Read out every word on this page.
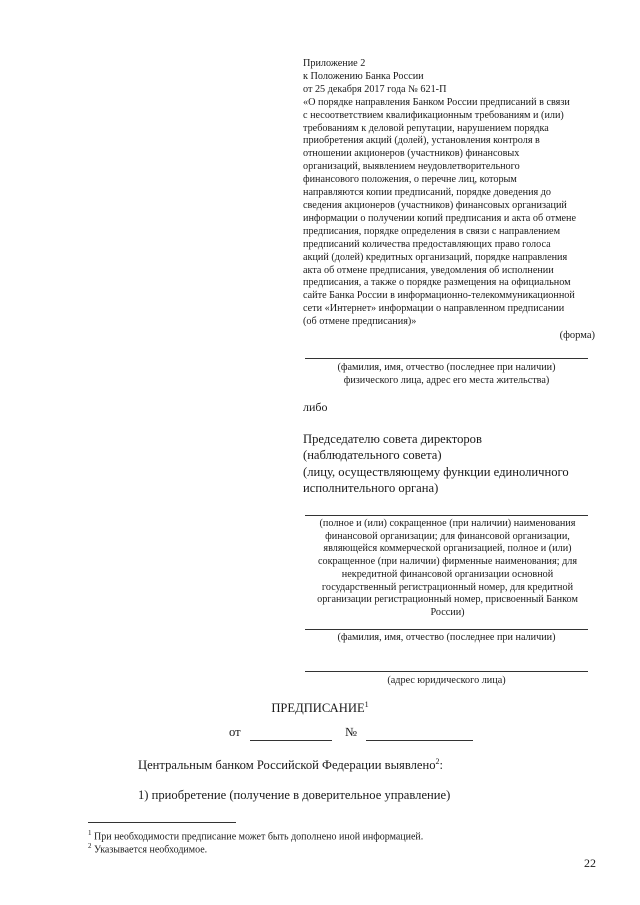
Приложение 2
к Положению Банка России
от 25 декабря 2017 года № 621-П
«О порядке направления Банком России предписаний в связи
с несоответствием квалификационным требованиям и (или)
требованиям к деловой репутации, нарушением порядка
приобретения акций (долей), установления контроля в
отношении акционеров (участников) финансовых
организаций, выявлением неудовлетворительного
финансового положения, о перечне лиц, которым
направляются копии предписаний, порядке доведения до
сведения акционеров (участников) финансовых организаций
информации о получении копий предписания и акта об отмене
предписания, порядке определения в связи с направлением
предписаний количества предоставляющих право голоса
акций (долей) кредитных организаций, порядке направления
акта об отмене предписания, уведомления об исполнении
предписания, а также о порядке размещения на официальном
сайте Банка России в информационно-телекоммуникационной
сети «Интернет» информации о направленном предписании
(об отмене предписания)»
(форма)
(фамилия, имя, отчество (последнее при наличии)
физического лица, адрес его места жительства)
либо
Председателю совета директоров
(наблюдательного совета)
(лицу, осуществляющему функции единоличного
исполнительного органа)
(полное и (или) сокращенное (при наличии) наименования
финансовой организации; для финансовой организации,
являющейся коммерческой организацией, полное и (или)
сокращенное (при наличии) фирменные наименования; для
некредитной финансовой организации основной
государственный регистрационный номер, для кредитной
организации регистрационный номер, присвоенный Банком
России)
(фамилия, имя, отчество (последнее при наличии)
(адрес юридического лица)
ПРЕДПИСАНИЕ$^1$
от	№
Центральным банком Российской Федерации выявлено$^2$:
1) приобретение (получение в доверительное управление)
$^1$ При необходимости предписание может быть дополнено иной информацией.
$^2$ Указывается необходимое.
22
